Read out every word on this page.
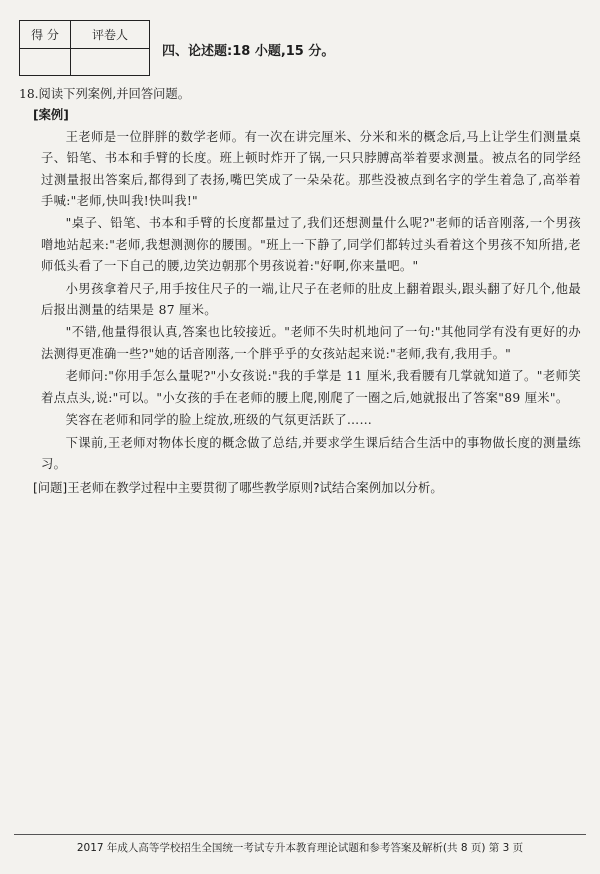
得 分	评卷人
四、论述题:18 小题,15 分。

18.阅读下列案例,并回答问题。

[案例]

王老师是一位胖胖的数学老师。有一次在讲完厘米、分米和米的概念后,马上让学生们测量桌子、铅笔、书本和手臂的长度。班上顿时炸开了锅,一只只脖膊高举着要求测量。被点名的同学经过测量报出答案后,都得到了表扬,嘴巴笑成了一朵朵花。那些没被点到名字的学生着急了,高举着手喊:"老师,快叫我!快叫我!"

"桌子、铅笔、书本和手臂的长度都量过了,我们还想测量什么呢?"老师的话音刚落,一个男孩噌地站起来:"老师,我想测测你的腰围。"班上一下静了,同学们都转过头看着这个男孩不知所措,老师低头看了一下自己的腰,边笑边朝那个男孩说着:"好啊,你来量吧。"

小男孩拿着尺子,用手按住尺子的一端,让尺子在老师的肚皮上翻着跟头,跟头翻了好几个,他最后报出测量的结果是 87 厘米。

"不错,他量得很认真,答案也比较接近。"老师不失时机地问了一句:"其他同学有没有更好的办法测得更准确一些?"她的话音刚落,一个胖乎乎的女孩站起来说:"老师,我有,我用手。"

老师问:"你用手怎么量呢?"小女孩说:"我的手掌是 11 厘米,我看腰有几掌就知道了。"老师笑着点点头,说:"可以。"小女孩的手在老师的腰上爬,刚爬了一圈之后,她就报出了答案"89 厘米"。

笑容在老师和同学的脸上绽放,班级的气氛更活跃了……

下课前,王老师对物体长度的概念做了总结,并要求学生课后结合生活中的事物做长度的测量练习。

[问题]王老师在教学过程中主要贯彻了哪些教学原则?试结合案例加以分析。

2017 年成人高等学校招生全国统一考试专升本教育理论试题和参考答案及解析(共 8 页) 第 3 页
